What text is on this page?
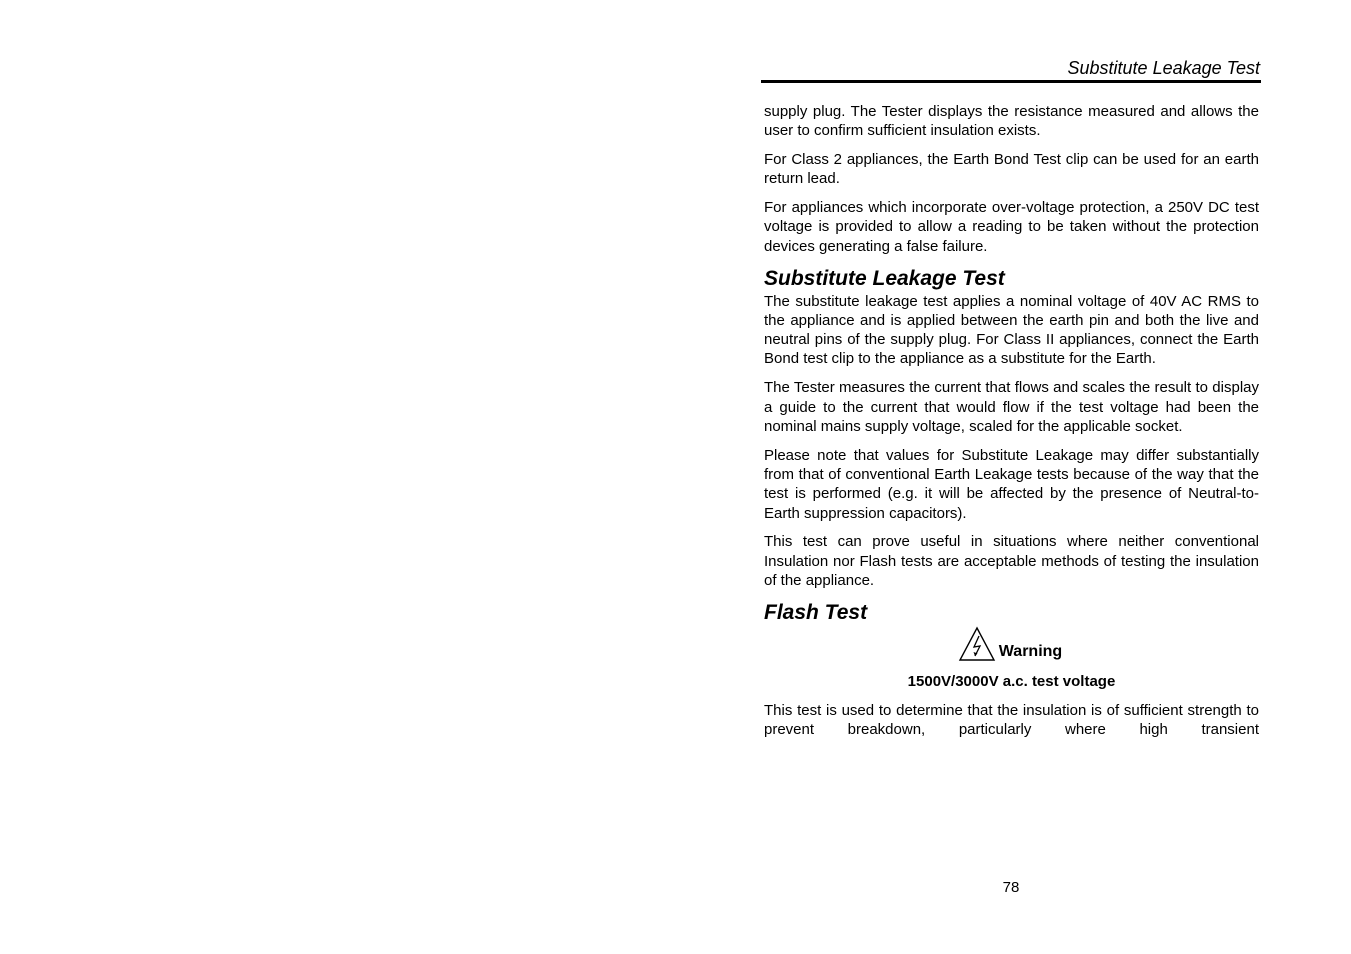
Substitute Leakage Test

supply plug. The Tester displays the resistance measured and allows the user to confirm sufficient insulation exists.

For Class 2 appliances, the Earth Bond Test clip can be used for an earth return lead.

For appliances which incorporate over-voltage protection, a 250V DC test voltage is provided to allow a reading to be taken without the protection devices generating a false failure.

Substitute Leakage Test

The substitute leakage test applies a nominal voltage of 40V AC RMS to the appliance and is applied between the earth pin and both the live and neutral pins of the supply plug. For Class II appliances, connect the Earth Bond test clip to the appliance as a substitute for the Earth.

The Tester measures the current that flows and scales the result to display a guide to the current that would flow if the test voltage had been the nominal mains supply voltage, scaled for the applicable socket.

Please note that values for Substitute Leakage may differ substantially from that of conventional Earth Leakage tests because of the way that the test is performed (e.g. it will be affected by the presence of Neutral-to-Earth suppression capacitors).

This test can prove useful in situations where neither conventional Insulation nor Flash tests are acceptable methods of testing the insulation of the appliance.

Flash Test
Warning
1500V/3000V a.c. test voltage

This test is used to determine that the insulation is of sufficient strength to prevent breakdown, particularly where high transient

78
